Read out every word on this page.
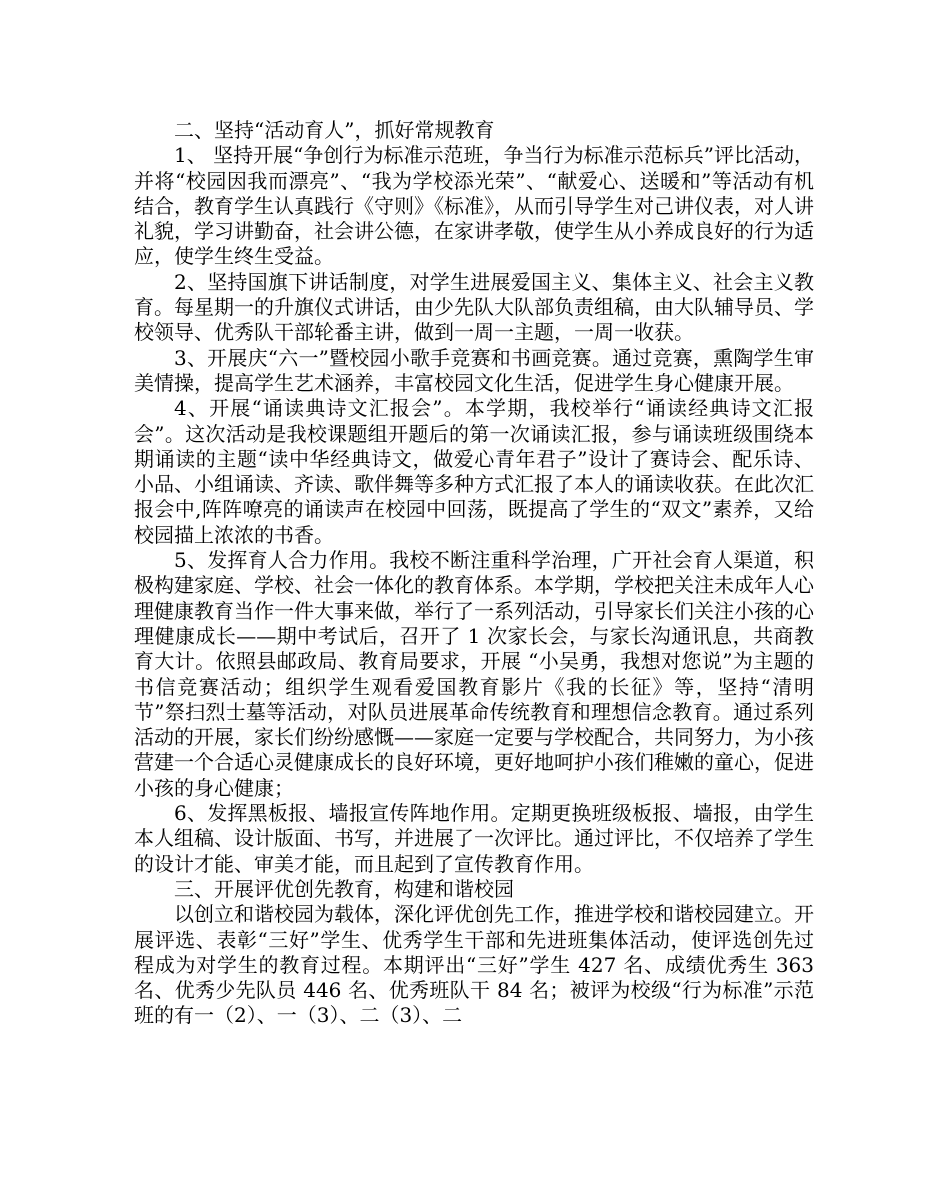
二、坚持“活动育人”，抓好常规教育

1、 坚持开展“争创行为标准示范班，争当行为标准示范标兵”评比活动， 并将“校园因我而漂亮”、“我为学校添光荣”、“献爱心、送暖和”等活动有机结合，教育学生认真践行《守则》《标准》，从而引导学生对己讲仪表，对人讲礼貌，学习讲勤奋，社会讲公德，在家讲孝敬，使学生从小养成良好的行为适应，使学生终生受益。

2、坚持国旗下讲话制度，对学生进展爱国主义、集体主义、社会主义教育。每星期一的升旗仪式讲话，由少先队大队部负责组稿，由大队辅导员、学校领导、优秀队干部轮番主讲，做到一周一主题，一周一收获。

3、开展庆“六一”暨校园小歌手竞赛和书画竞赛。通过竞赛，熏陶学生审美情操，提高学生艺术涵养，丰富校园文化生活，促进学生身心健康开展。

4、开展“诵读典诗文汇报会”。本学期，我校举行“诵读经典诗文汇报会”。这次活动是我校课题组开题后的第一次诵读汇报，参与诵读班级围绕本期诵读的主题“读中华经典诗文，做爱心青年君子”设计了赛诗会、配乐诗、小品、小组诵读、齐读、歌伴舞等多种方式汇报了本人的诵读收获。在此次汇报会中,阵阵嘹亮的诵读声在校园中回荡，既提高了学生的“双文”素养，又给校园描上浓浓的书香。

5、发挥育人合力作用。我校不断注重科学治理，广开社会育人渠道，积极构建家庭、学校、社会一体化的教育体系。本学期，学校把关注未成年人心理健康教育当作一件大事来做，举行了一系列活动，引导家长们关注小孩的心理健康成长——期中考试后，召开了 1 次家长会，与家长沟通讯息，共商教育大计。依照县邮政局、教育局要求，开展 “小吴勇，我想对您说”为主题的书信竞赛活动；组织学生观看爱国教育影片《我的长征》等，坚持“清明节”祭扫烈士墓等活动，对队员进展革命传统教育和理想信念教育。通过系列活动的开展，家长们纷纷感慨——家庭一定要与学校配合，共同努力，为小孩营建一个合适心灵健康成长的良好环境，更好地呵护小孩们稚嫩的童心，促进小孩的身心健康；

6、发挥黑板报、墙报宣传阵地作用。定期更换班级板报、墙报，由学生本人组稿、设计版面、书写，并进展了一次评比。通过评比，不仅培养了学生的设计才能、审美才能，而且起到了宣传教育作用。

三、开展评优创先教育，构建和谐校园

以创立和谐校园为载体，深化评优创先工作，推进学校和谐校园建立。开展评选、表彰“三好”学生、优秀学生干部和先进班集体活动，使评选创先过程成为对学生的教育过程。本期评出“三好”学生 427 名、成绩优秀生 363 名、优秀少先队员 446 名、优秀班队干 84 名；被评为校级“行为标准”示范班的有一（2）、一（3）、二（3）、二
